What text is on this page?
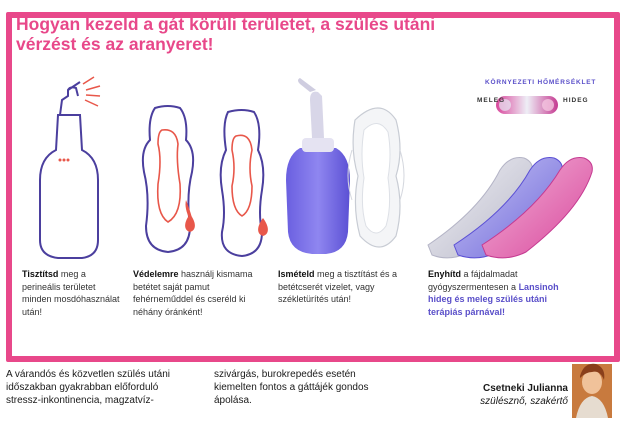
Hogyan kezeld a gát körüli területet, a szülés utáni vérzést és az aranyeret!
KÖRNYEZETI HŐMÉRSÉKLET
MELEG	HIDEG
Tisztítsd meg a perineális területet minden mosdóhasználat után!
Védelemre használj kismama betétet saját pamut fehérneműddel és cseréld ki néhány óránként!
Ismételd meg a tisztítást és a betétcserét vizelet, vagy székletürítés után!
Enyhítd a fájdalmadat gyógyszermentesen a Lansinoh hideg és meleg szülés utáni terápiás párnával!
A várandós és közvetlen szülés utáni időszakban gyakrabban előforduló stressz-inkontinencia, magzatvíz-
szivárgás, burokrepedés esetén kiemelten fontos a gáttájék gondos ápolása.
Csetneki Julianna
szülésznő, szakértő
